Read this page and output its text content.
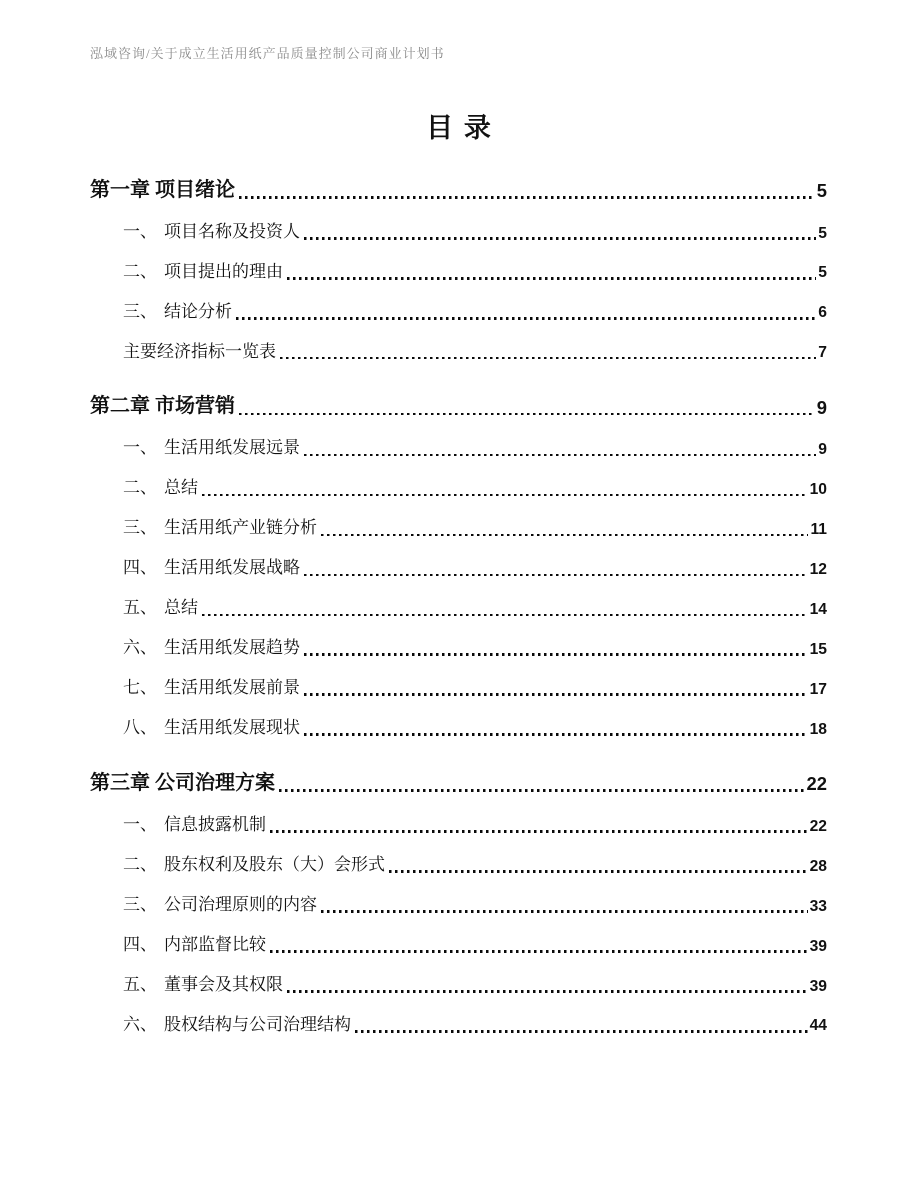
泓域咨询/关于成立生活用纸产品质量控制公司商业计划书
目录
第一章 项目绪论	5
一、 项目名称及投资人	5
二、 项目提出的理由	5
三、 结论分析	6
主要经济指标一览表	7
第二章 市场营销	9
一、 生活用纸发展远景	9
二、 总结	10
三、 生活用纸产业链分析	11
四、 生活用纸发展战略	12
五、 总结	14
六、 生活用纸发展趋势	15
七、 生活用纸发展前景	17
八、 生活用纸发展现状	18
第三章 公司治理方案	22
一、 信息披露机制	22
二、 股东权利及股东（大）会形式	28
三、 公司治理原则的内容	33
四、 内部监督比较	39
五、 董事会及其权限	39
六、 股权结构与公司治理结构	44
